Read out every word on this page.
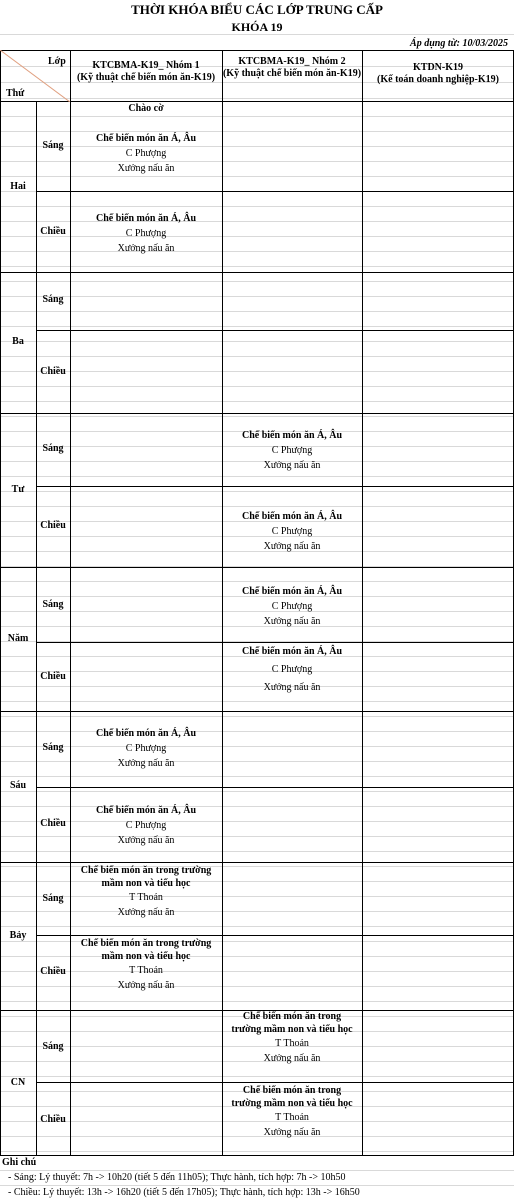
THỜI KHÓA BIỂU CÁC LỚP TRUNG CẤP
KHÓA 19
Áp dụng từ: 10/03/2025
Lớp
Thứ
KTCBMA-K19_ Nhóm 1
(Kỹ thuật chế biến món ăn-K19)
KTCBMA-K19_ Nhóm 2
(Kỹ thuật chế biến món ăn-K19)
KTDN-K19
(Kế toán doanh nghiệp-K19)
Hai
Ba
Tư
Năm
Sáu
Bảy
CN
Sáng
Chiều
Sáng
Chiều
Sáng
Chiều
Sáng
Chiều
Sáng
Chiều
Sáng
Chiều
Sáng
Chiều
Chào cờ
Chế biến món ăn Á, Âu
C Phượng
Xưởng nấu ăn
Chế biến món ăn Á, Âu
C Phượng
Xưởng nấu ăn
Chế biến món ăn Á, Âu
C Phượng
Xưởng nấu ăn
Chế biến món ăn Á, Âu
C Phượng
Xưởng nấu ăn
Chế biến món ăn trong trường
mầm non và tiểu học
T Thoản
Xưởng nấu ăn
Chế biến món ăn trong trường
mầm non và tiểu học
T Thoản
Xưởng nấu ăn
Chế biến món ăn Á, Âu
C Phượng
Xưởng nấu ăn
Chế biến món ăn Á, Âu
C Phượng
Xưởng nấu ăn
Chế biến món ăn Á, Âu
C Phượng
Xưởng nấu ăn
Chế biến món ăn Á, Âu
C Phượng
Xưởng nấu ăn
Chế biến món ăn trong
trường mầm non và tiểu học
T Thoản
Xưởng nấu ăn
Chế biến món ăn trong
trường mầm non và tiểu học
T Thoản
Xưởng nấu ăn
Ghi chú
- Sáng: Lý thuyết: 7h -> 10h20 (tiết 5 đến 11h05); Thực hành, tích hợp: 7h -> 10h50
- Chiều: Lý thuyết: 13h -> 16h20 (tiết 5 đến 17h05); Thực hành, tích hợp: 13h -> 16h50
